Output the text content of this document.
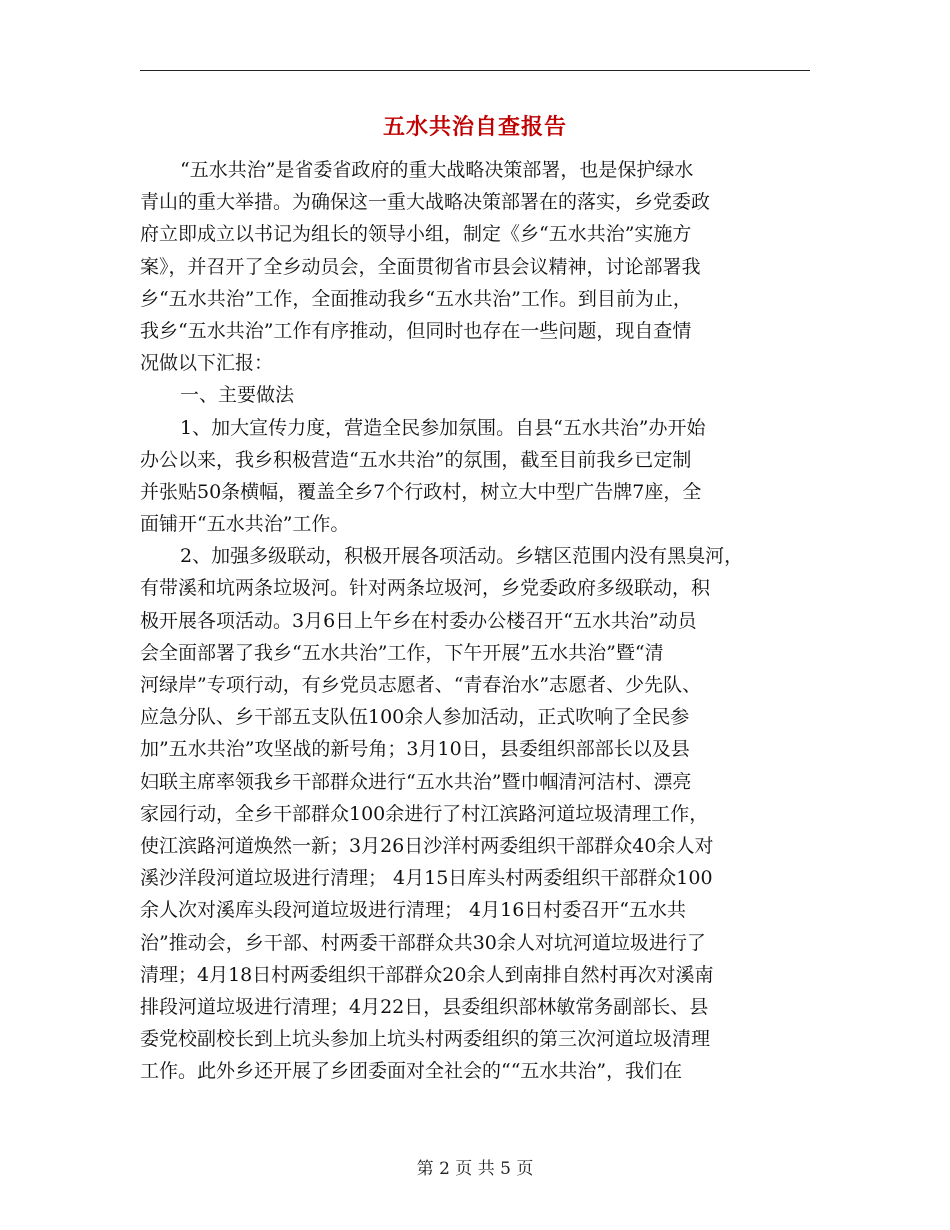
五水共治自查报告
“五水共治”是省委省政府的重大战略决策部署，也是保护绿水
青山的重大举措。为确保这一重大战略决策部署在的落实，乡党委政
府立即成立以书记为组长的领导小组，制定《乡“五水共治”实施方
案》，并召开了全乡动员会，全面贯彻省市县会议精神，讨论部署我
乡“五水共治”工作，全面推动我乡“五水共治”工作。到目前为止，
我乡“五水共治”工作有序推动，但同时也存在一些问题，现自查情
况做以下汇报：
一、主要做法
1、加大宣传力度，营造全民参加氛围。自县“五水共治”办开始
办公以来，我乡积极营造“五水共治”的氛围，截至目前我乡已定制
并张贴50条横幅，覆盖全乡7个行政村，树立大中型广告牌7座，全
面铺开“五水共治”工作。
2、加强多级联动，积极开展各项活动。乡辖区范围内没有黑臭河，
有带溪和坑两条垃圾河。针对两条垃圾河，乡党委政府多级联动，积
极开展各项活动。3月6日上午乡在村委办公楼召开“五水共治”动员
会全面部署了我乡“五水共治”工作，下午开展”五水共治”暨“清
河绿岸”专项行动，有乡党员志愿者、“青春治水”志愿者、少先队、
应急分队、乡干部五支队伍100余人参加活动，正式吹响了全民参
加”五水共治”攻坚战的新号角；3月10日，县委组织部部长以及县
妇联主席率领我乡干部群众进行“五水共治”暨巾帼清河洁村、漂亮
家园行动，全乡干部群众100余进行了村江滨路河道垃圾清理工作，
使江滨路河道焕然一新；3月26日沙洋村两委组织干部群众40余人对
溪沙洋段河道垃圾进行清理； 4月15日库头村两委组织干部群众100
余人次对溪库头段河道垃圾进行清理； 4月16日村委召开“五水共
治”推动会，乡干部、村两委干部群众共30余人对坑河道垃圾进行了
清理；4月18日村两委组织干部群众20余人到南排自然村再次对溪南
排段河道垃圾进行清理；4月22日，县委组织部林敏常务副部长、县
委党校副校长到上坑头参加上坑头村两委组织的第三次河道垃圾清理
工作。此外乡还开展了乡团委面对全社会的““五水共治”，我们在
第 2 页 共 5 页
